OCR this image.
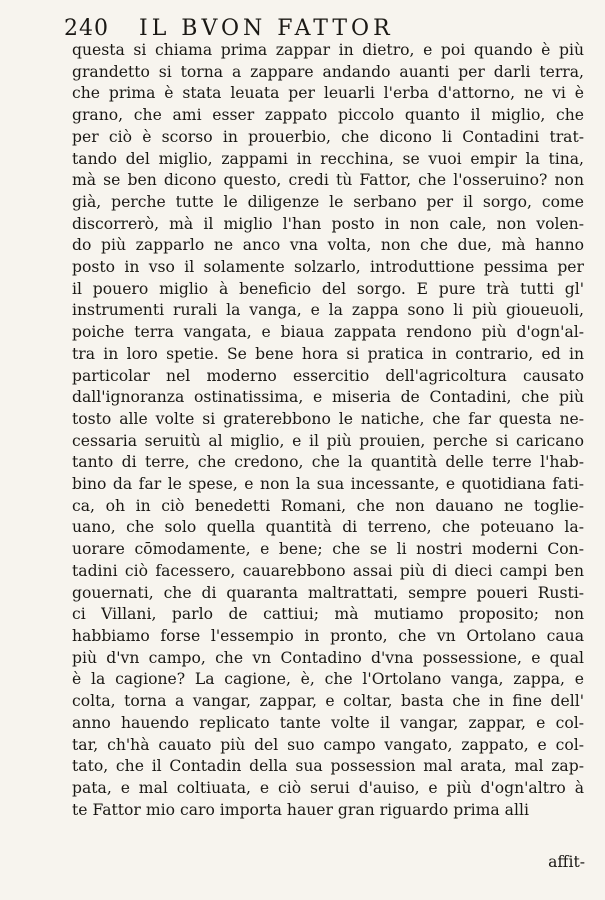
240 IL BVON FATTOR
questa si chiama prima zappar in dietro, e poi quando è più
grandetto si torna a zappare andando auanti per darli terra,
che prima è stata leuata per leuarli l'erba d'attorno, ne vi è
grano, che ami esser zappato piccolo quanto il miglio, che
per ciò è scorso in prouerbio, che dicono li Contadini trat-
tando del miglio, zappami in recchina, se vuoi empir la tina,
mà se ben dicono questo, credi tù Fattor, che l'osseruino? non
già, perche tutte le diligenze le serbano per il sorgo, come
discorrerò, mà il miglio l'han posto in non cale, non volen-
do più zapparlo ne anco vna volta, non che due, mà hanno
posto in vso il solamente solzarlo, introduttione pessima per
il pouero miglio à beneficio del sorgo. E pure trà tutti gl'
instrumenti rurali la vanga, e la zappa sono li più gioueuoli,
poiche terra vangata, e biaua zappata rendono più d'ogn'al-
tra in loro spetie. Se bene hora si pratica in contrario, ed in
particolar nel moderno essercitio dell'agricoltura causato
dall'ignoranza ostinatissima, e miseria de Contadini, che più
tosto alle volte si graterebbono le natiche, che far questa ne-
cessaria seruitù al miglio, e il più prouien, perche si caricano
tanto di terre, che credono, che la quantità delle terre l'hab-
bino da far le spese, e non la sua incessante, e quotidiana fati-
ca, oh in ciò benedetti Romani, che non dauano ne toglie-
uano, che solo quella quantità di terreno, che poteuano la-
uorare cōmodamente, e bene; che se li nostri moderni Con-
tadini ciò facessero, cauarebbono assai più di dieci campi ben
gouernati, che di quaranta maltrattati, sempre poueri Rusti-
ci Villani, parlo de cattiui; mà mutiamo proposito; non
habbiamo forse l'essempio in pronto, che vn Ortolano caua
più d'vn campo, che vn Contadino d'vna possessione, e qual
è la cagione? La cagione, è, che l'Ortolano vanga, zappa, e
colta, torna a vangar, zappar, e coltar, basta che in fine dell'
anno hauendo replicato tante volte il vangar, zappar, e col-
tar, ch'hà cauato più del suo campo vangato, zappato, e col-
tato, che il Contadin della sua possession mal arata, mal zap-
pata, e mal coltiuata, e ciò serui d'auiso, e più d'ogn'altro à
te Fattor mio caro importa hauer gran riguardo prima alli
affit-
